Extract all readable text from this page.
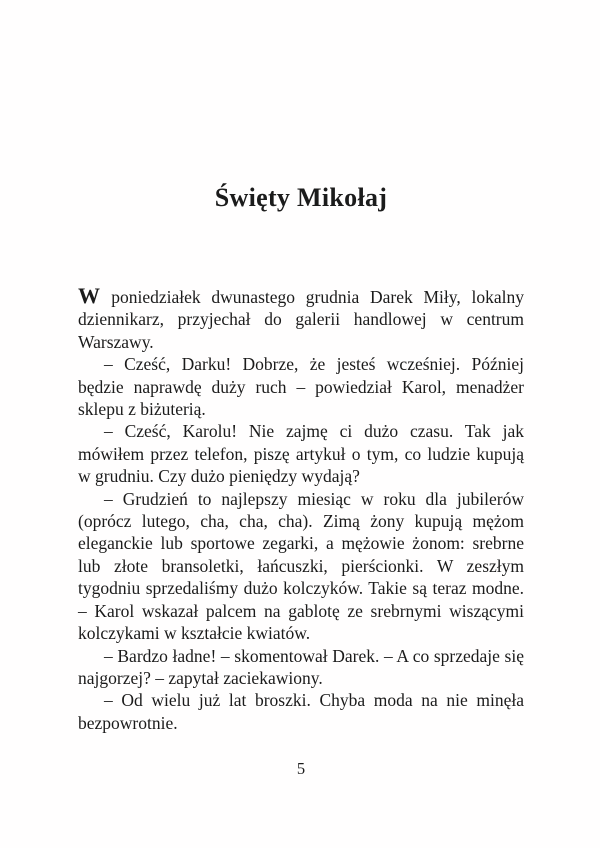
Święty Mikołaj

W poniedziałek dwunastego grudnia Darek Miły, lokalny dziennikarz, przyjechał do galerii handlowej w centrum Warszawy.

– Cześć, Darku! Dobrze, że jesteś wcześniej. Później będzie naprawdę duży ruch – powiedział Karol, menadżer sklepu z biżuterią.

– Cześć, Karolu! Nie zajmę ci dużo czasu. Tak jak mówiłem przez telefon, piszę artykuł o tym, co ludzie kupują w grudniu. Czy dużo pieniędzy wydają?

– Grudzień to najlepszy miesiąc w roku dla jubilerów (oprócz lutego, cha, cha, cha). Zimą żony kupują mężom eleganckie lub sportowe zegarki, a mężowie żonom: srebrne lub złote bransoletki, łańcuszki, pierścionki. W zeszłym tygodniu sprzedaliśmy dużo kolczyków. Takie są teraz modne. – Karol wskazał palcem na gablotę ze srebrnymi wiszącymi kolczykami w kształcie kwiatów.

– Bardzo ładne! – skomentował Darek. – A co sprzedaje się najgorzej? – zapytał zaciekawiony.

– Od wielu już lat broszki. Chyba moda na nie minęła bezpowrotnie.

5
